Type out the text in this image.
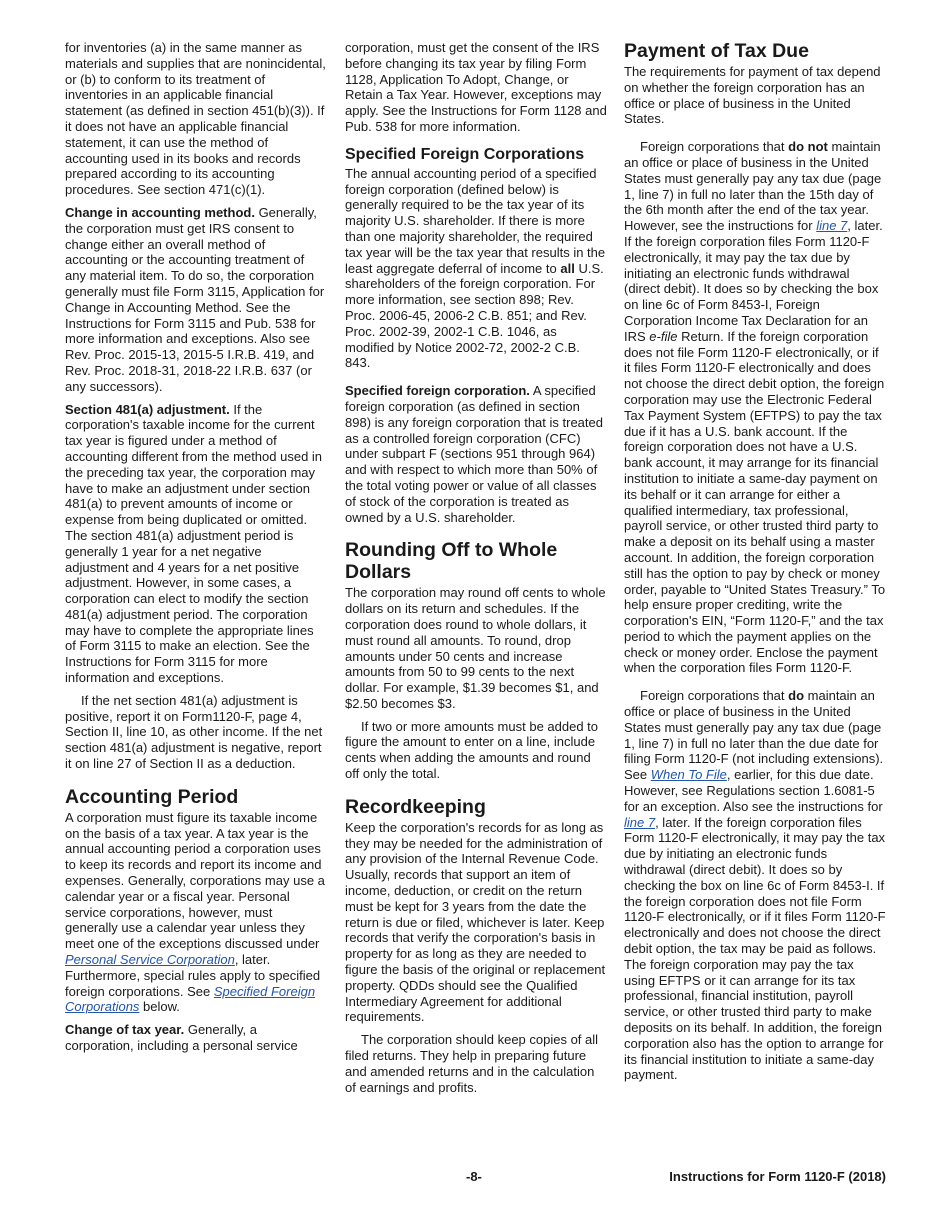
for inventories (a) in the same manner as materials and supplies that are nonincidental, or (b) to conform to its treatment of inventories in an applicable financial statement (as defined in section 451(b)(3)). If it does not have an applicable financial statement, it can use the method of accounting used in its books and records prepared according to its accounting procedures. See section 471(c)(1).

Change in accounting method. Generally, the corporation must get IRS consent to change either an overall method of accounting or the accounting treatment of any material item. To do so, the corporation generally must file Form 3115, Application for Change in Accounting Method. See the Instructions for Form 3115 and Pub. 538 for more information and exceptions. Also see Rev. Proc. 2015-13, 2015-5 I.R.B. 419, and Rev. Proc. 2018-31, 2018-22 I.R.B. 637 (or any successors).

Section 481(a) adjustment. If the corporation's taxable income for the current tax year is figured under a method of accounting different from the method used in the preceding tax year, the corporation may have to make an adjustment under section 481(a) to prevent amounts of income or expense from being duplicated or omitted. The section 481(a) adjustment period is generally 1 year for a net negative adjustment and 4 years for a net positive adjustment. However, in some cases, a corporation can elect to modify the section 481(a) adjustment period. The corporation may have to complete the appropriate lines of Form 3115 to make an election. See the Instructions for Form 3115 for more information and exceptions.

If the net section 481(a) adjustment is positive, report it on Form1120-F, page 4, Section II, line 10, as other income. If the net section 481(a) adjustment is negative, report it on line 27 of Section II as a deduction.

Accounting Period

A corporation must figure its taxable income on the basis of a tax year. A tax year is the annual accounting period a corporation uses to keep its records and report its income and expenses. Generally, corporations may use a calendar year or a fiscal year. Personal service corporations, however, must generally use a calendar year unless they meet one of the exceptions discussed under Personal Service Corporation, later. Furthermore, special rules apply to specified foreign corporations. See Specified Foreign Corporations below.

Change of tax year. Generally, a corporation, including a personal service

corporation, must get the consent of the IRS before changing its tax year by filing Form 1128, Application To Adopt, Change, or Retain a Tax Year. However, exceptions may apply. See the Instructions for Form 1128 and Pub. 538 for more information.

Specified Foreign Corporations

The annual accounting period of a specified foreign corporation (defined below) is generally required to be the tax year of its majority U.S. shareholder. If there is more than one majority shareholder, the required tax year will be the tax year that results in the least aggregate deferral of income to all U.S. shareholders of the foreign corporation. For more information, see section 898; Rev. Proc. 2006-45, 2006-2 C.B. 851; and Rev. Proc. 2002-39, 2002-1 C.B. 1046, as modified by Notice 2002-72, 2002-2 C.B. 843.

Specified foreign corporation. A specified foreign corporation (as defined in section 898) is any foreign corporation that is treated as a controlled foreign corporation (CFC) under subpart F (sections 951 through 964) and with respect to which more than 50% of the total voting power or value of all classes of stock of the corporation is treated as owned by a U.S. shareholder.

Rounding Off to Whole Dollars

The corporation may round off cents to whole dollars on its return and schedules. If the corporation does round to whole dollars, it must round all amounts. To round, drop amounts under 50 cents and increase amounts from 50 to 99 cents to the next dollar. For example, $1.39 becomes $1, and $2.50 becomes $3.

If two or more amounts must be added to figure the amount to enter on a line, include cents when adding the amounts and round off only the total.

Recordkeeping

Keep the corporation's records for as long as they may be needed for the administration of any provision of the Internal Revenue Code. Usually, records that support an item of income, deduction, or credit on the return must be kept for 3 years from the date the return is due or filed, whichever is later. Keep records that verify the corporation's basis in property for as long as they are needed to figure the basis of the original or replacement property. QDDs should see the Qualified Intermediary Agreement for additional requirements.

The corporation should keep copies of all filed returns. They help in preparing future and amended returns and in the calculation of earnings and profits.

Payment of Tax Due

The requirements for payment of tax depend on whether the foreign corporation has an office or place of business in the United States.

Foreign corporations that do not maintain an office or place of business in the United States must generally pay any tax due (page 1, line 7) in full no later than the 15th day of the 6th month after the end of the tax year. However, see the instructions for line 7, later. If the foreign corporation files Form 1120-F electronically, it may pay the tax due by initiating an electronic funds withdrawal (direct debit). It does so by checking the box on line 6c of Form 8453-I, Foreign Corporation Income Tax Declaration for an IRS e-file Return. If the foreign corporation does not file Form 1120-F electronically, or if it files Form 1120-F electronically and does not choose the direct debit option, the foreign corporation may use the Electronic Federal Tax Payment System (EFTPS) to pay the tax due if it has a U.S. bank account. If the foreign corporation does not have a U.S. bank account, it may arrange for its financial institution to initiate a same-day payment on its behalf or it can arrange for either a qualified intermediary, tax professional, payroll service, or other trusted third party to make a deposit on its behalf using a master account. In addition, the foreign corporation still has the option to pay by check or money order, payable to “United States Treasury.” To help ensure proper crediting, write the corporation's EIN, “Form 1120-F,” and the tax period to which the payment applies on the check or money order. Enclose the payment when the corporation files Form 1120-F.

Foreign corporations that do maintain an office or place of business in the United States must generally pay any tax due (page 1, line 7) in full no later than the due date for filing Form 1120-F (not including extensions). See When To File, earlier, for this due date. However, see Regulations section 1.6081-5 for an exception. Also see the instructions for line 7, later. If the foreign corporation files Form 1120-F electronically, it may pay the tax due by initiating an electronic funds withdrawal (direct debit). It does so by checking the box on line 6c of Form 8453-I. If the foreign corporation does not file Form 1120-F electronically, or if it files Form 1120-F electronically and does not choose the direct debit option, the tax may be paid as follows. The foreign corporation may pay the tax using EFTPS or it can arrange for its tax professional, financial institution, payroll service, or other trusted third party to make deposits on its behalf. In addition, the foreign corporation also has the option to arrange for its financial institution to initiate a same-day payment.

-8-	Instructions for Form 1120-F (2018)
